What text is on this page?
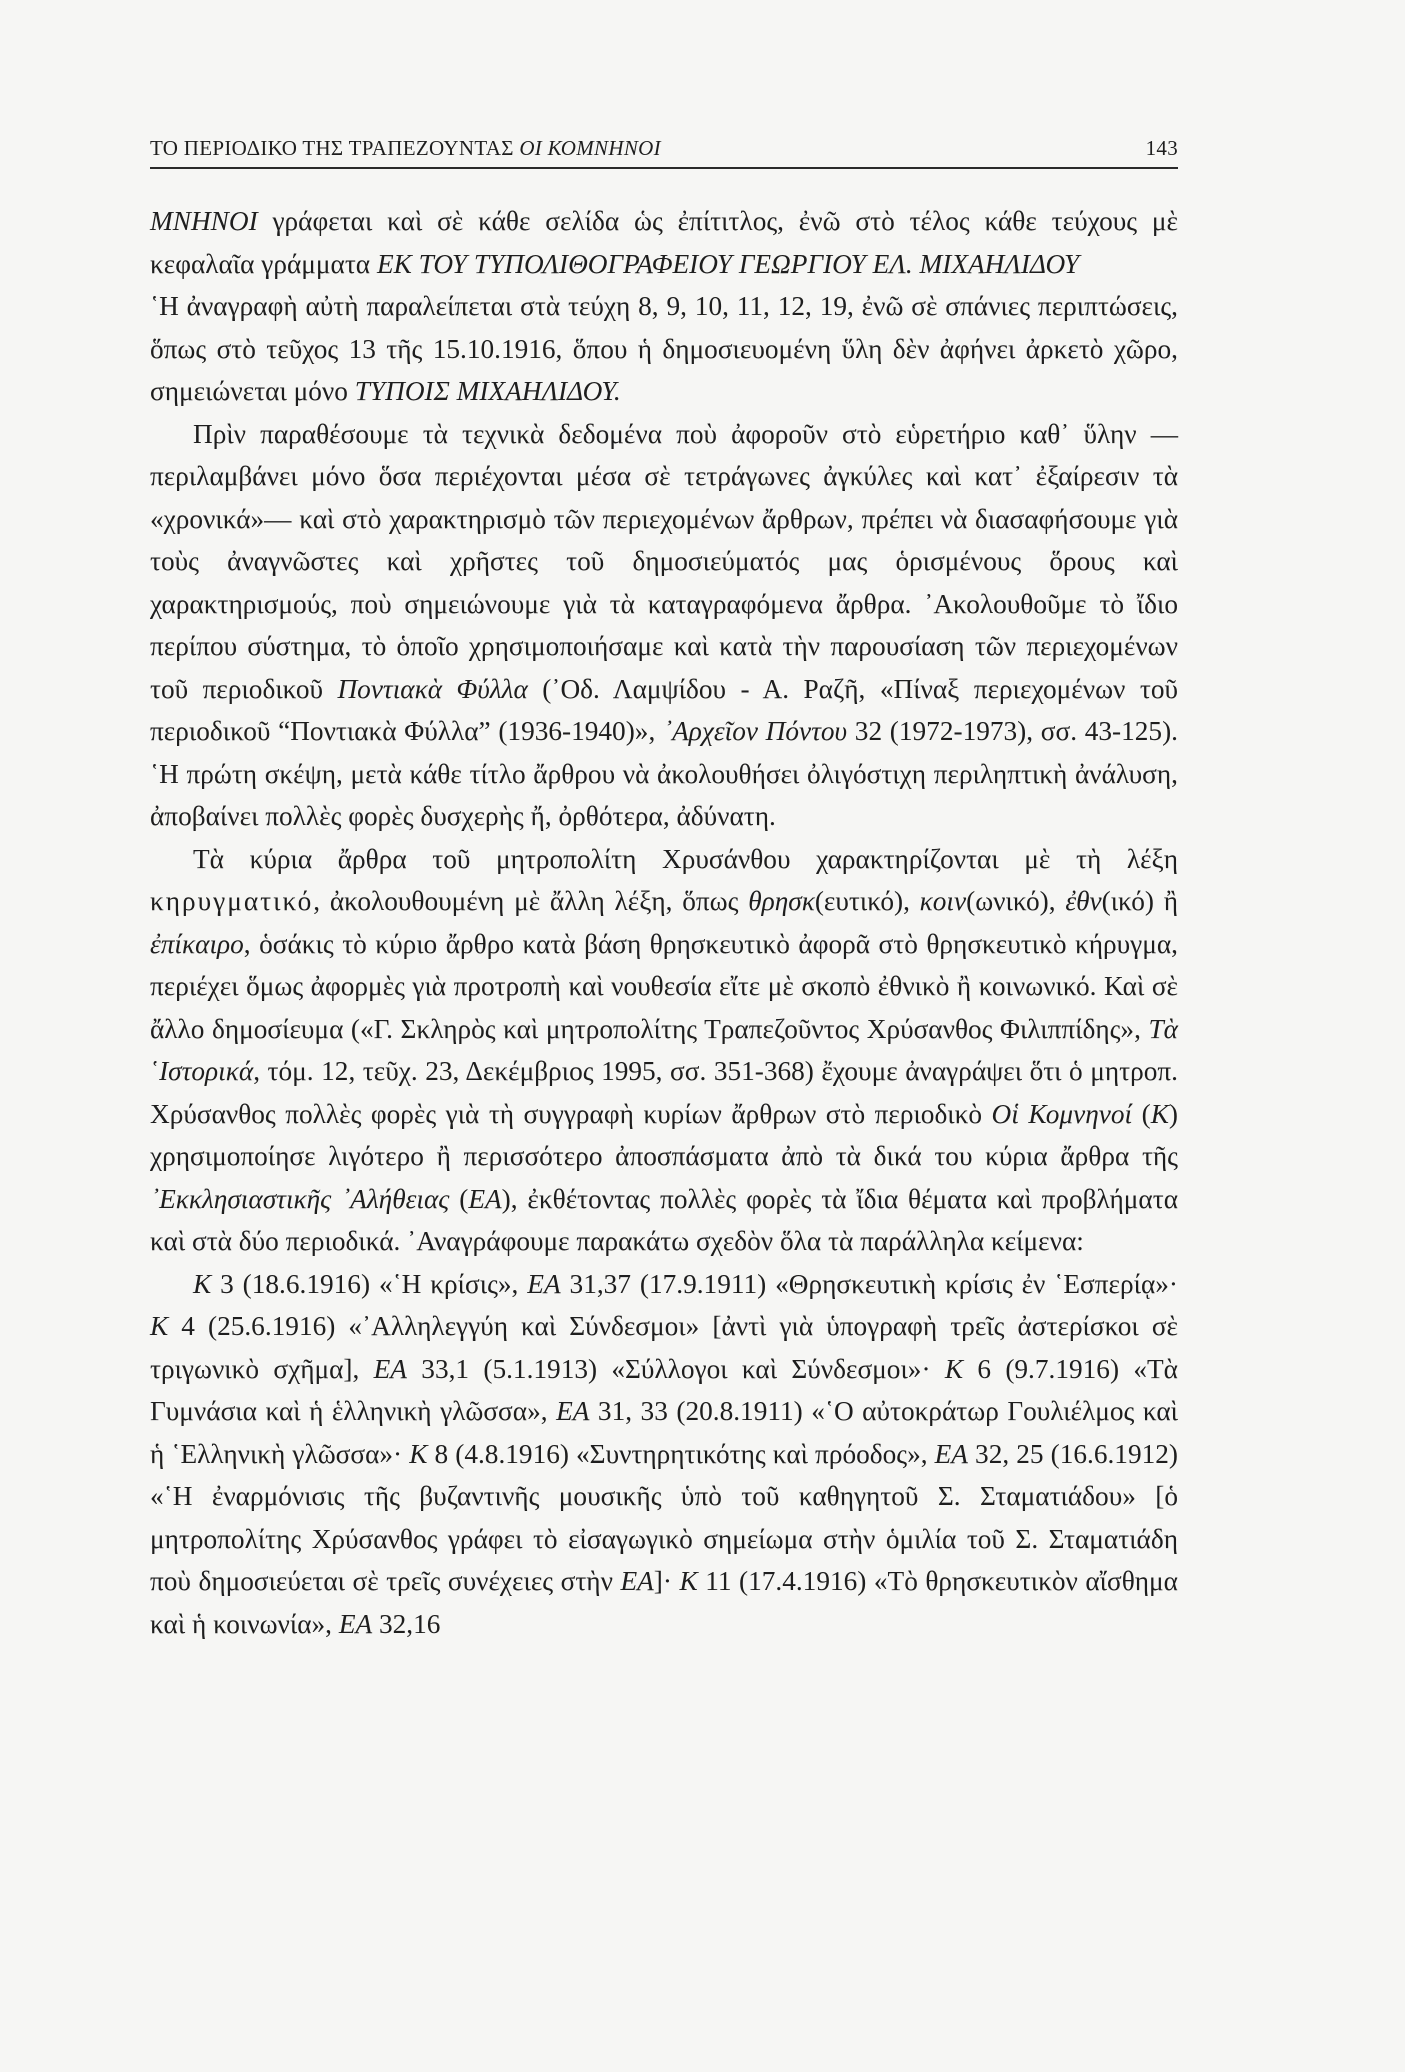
ΤΟ ΠΕΡΙΟΔΙΚΟ ΤΗΣ ΤΡΑΠΕΖΟΥΝΤΑΣ ΟΙ ΚΟΜΝΗΝΟΙ	143

ΜΝΗΝΟΙ γράφεται καὶ σὲ κάθε σελίδα ὡς ἐπίτιτλος, ἐνῶ στὸ τέλος κάθε τεύχους μὲ κεφαλαῖα γράμματα ΕΚ ΤΟΥ ΤΥΠΟΛΙΘΟΓΡΑΦΕΙΟΥ ΓΕΩΡΓΙΟΥ ΕΛ. ΜΙΧΑΗΛΙΔΟΥ

῾Η ἀναγραφὴ αὐτὴ παραλείπεται στὰ τεύχη 8, 9, 10, 11, 12, 19, ἐνῶ σὲ σπάνιες περιπτώσεις, ὅπως στὸ τεῦχος 13 τῆς 15.10.1916, ὅπου ἡ δημοσιευομένη ὕλη δὲν ἀφήνει ἀρκετὸ χῶρο, σημειώνεται μόνο ΤΥΠΟΙΣ ΜΙΧΑΗΛΙΔΟΥ.

Πρὶν παραθέσουμε τὰ τεχνικὰ δεδομένα ποὺ ἀφοροῦν στὸ εὑρετήριο καθ᾽ ὕλην —περιλαμβάνει μόνο ὅσα περιέχονται μέσα σὲ τετράγωνες ἀγκύλες καὶ κατ᾽ ἐξαίρεσιν τὰ «χρονικά»— καὶ στὸ χαρακτηρισμὸ τῶν περιεχομένων ἄρθρων, πρέπει νὰ διασαφήσουμε γιὰ τοὺς ἀναγνῶστες καὶ χρῆστες τοῦ δημοσιεύματός μας ὁρισμένους ὅρους καὶ χαρακτηρισμούς, ποὺ σημειώνουμε γιὰ τὰ καταγραφόμενα ἄρθρα. ᾽Ακολουθοῦμε τὸ ἴδιο περίπου σύστημα, τὸ ὁποῖο χρησιμοποιήσαμε καὶ κατὰ τὴν παρουσίαση τῶν περιεχομένων τοῦ περιοδικοῦ Ποντιακὰ Φύλλα (᾽Οδ. Λαμψίδου - Α. Ραζῆ, «Πίναξ περιεχομένων τοῦ περιοδικοῦ “Ποντιακὰ Φύλλα” (1936-1940)», ᾽Αρχεῖον Πόντου 32 (1972-1973), σσ. 43-125). ῾Η πρώτη σκέψη, μετὰ κάθε τίτλο ἄρθρου νὰ ἀκολουθήσει ὀλιγόστιχη περιληπτικὴ ἀνάλυση, ἀποβαίνει πολλὲς φορὲς δυσχερὴς ἤ, ὀρθότερα, ἀδύνατη.

Τὰ κύρια ἄρθρα τοῦ μητροπολίτη Χρυσάνθου χαρακτηρίζονται μὲ τὴ λέξη κηρυγματικό, ἀκολουθουμένη μὲ ἄλλη λέξη, ὅπως θρησκ(ευτικό), κοιν(ωνικό), ἐθν(ικό) ἢ ἐπίκαιρο, ὁσάκις τὸ κύριο ἄρθρο κατὰ βάση θρησκευτικὸ ἀφορᾶ στὸ θρησκευτικὸ κήρυγμα, περιέχει ὅμως ἀφορμὲς γιὰ προτροπὴ καὶ νουθεσία εἴτε μὲ σκοπὸ ἐθνικὸ ἢ κοινωνικό. Καὶ σὲ ἄλλο δημοσίευμα («Γ. Σκληρὸς καὶ μητροπολίτης Τραπεζοῦντος Χρύσανθος Φιλιππίδης», Τὰ ῾Ιστορικά, τόμ. 12, τεῦχ. 23, Δεκέμβριος 1995, σσ. 351-368) ἔχουμε ἀναγράψει ὅτι ὁ μητροπ. Χρύσανθος πολλὲς φορὲς γιὰ τὴ συγγραφὴ κυρίων ἄρθρων στὸ περιοδικὸ Οἱ Κομνηνοί (Κ) χρησιμοποίησε λιγότερο ἢ περισσότερο ἀποσπάσματα ἀπὸ τὰ δικά του κύρια ἄρθρα τῆς ᾽Εκκλησιαστικῆς ᾽Αλήθειας (ΕΑ), ἐκθέτοντας πολλὲς φορὲς τὰ ἴδια θέματα καὶ προβλήματα καὶ στὰ δύο περιοδικά. ᾽Αναγράφουμε παρακάτω σχεδὸν ὅλα τὰ παράλληλα κείμενα:

Κ 3 (18.6.1916) «῾Η κρίσις», ΕΑ 31,37 (17.9.1911) «Θρησκευτικὴ κρίσις ἐν ῾Εσπερίᾳ»· Κ 4 (25.6.1916) «᾽Αλληλεγγύη καὶ Σύνδεσμοι» [ἀντὶ γιὰ ὑπογραφὴ τρεῖς ἀστερίσκοι σὲ τριγωνικὸ σχῆμα], ΕΑ 33,1 (5.1.1913) «Σύλλογοι καὶ Σύνδεσμοι»· Κ 6 (9.7.1916) «Τὰ Γυμνάσια καὶ ἡ ἑλληνικὴ γλῶσσα», ΕΑ 31, 33 (20.8.1911) «῾Ο αὐτοκράτωρ Γουλιέλμος καὶ ἡ ῾Ελληνικὴ γλῶσσα»· Κ 8 (4.8.1916) «Συντηρητικότης καὶ πρόοδος», ΕΑ 32, 25 (16.6.1912) «῾Η ἐναρμόνισις τῆς βυζαντινῆς μουσικῆς ὑπὸ τοῦ καθηγητοῦ Σ. Σταματιάδου» [ὁ μητροπολίτης Χρύσανθος γράφει τὸ εἰσαγωγικὸ σημείωμα στὴν ὁμιλία τοῦ Σ. Σταματιάδη ποὺ δημοσιεύεται σὲ τρεῖς συνέχειες στὴν ΕΑ]· Κ 11 (17.4.1916) «Τὸ θρησκευτικὸν αἴσθημα καὶ ἡ κοινωνία», ΕΑ 32,16
